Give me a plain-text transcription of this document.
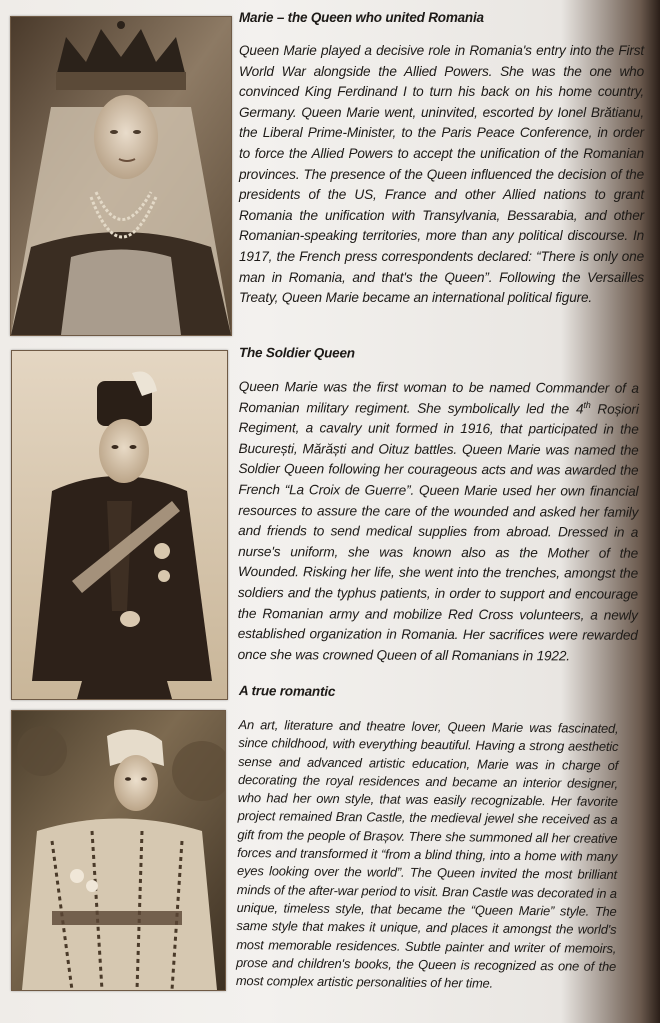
Marie – the Queen who united Romania

Queen Marie played a decisive role in Romania's entry into the First World War alongside the Allied Powers. She was the one who convinced King Ferdinand I to turn his back on his home country, Germany. Queen Marie went, uninvited, escorted by Ionel Brătianu, the Liberal Prime-Minister, to the Paris Peace Conference, in order to force the Allied Powers to accept the unification of the Romanian provinces. The presence of the Queen influenced the decision of the presidents of the US, France and other Allied nations to grant Romania the unification with Transylvania, Bessarabia, and other Romanian-speaking territories, more than any political discourse. In 1917, the French press correspondents declared: “There is only one man in Romania, and that's the Queen”. Following the Versailles Treaty, Queen Marie became an international political figure.

The Soldier Queen

Queen Marie was the first woman to be named Commander of a Romanian military regiment. She symbolically led the 4th Roșiori Regiment, a cavalry unit formed in 1916, that participated in the București, Mărăști and Oituz battles. Queen Marie was named the Soldier Queen following her courageous acts and was awarded the French “La Croix de Guerre”. Queen Marie used her own financial resources to assure the care of the wounded and asked her family and friends to send medical supplies from abroad. Dressed in a nurse's uniform, she was known also as the Mother of the Wounded. Risking her life, she went into the trenches, amongst the soldiers and the typhus patients, in order to support and encourage the Romanian army and mobilize Red Cross volunteers, a newly established organization in Romania. Her sacrifices were rewarded once she was crowned Queen of all Romanians in 1922.

A true romantic

An art, literature and theatre lover, Queen Marie was fascinated, since childhood, with everything beautiful. Having a strong aesthetic sense and advanced artistic education, Marie was in charge of decorating the royal residences and became an interior designer, who had her own style, that was easily recognizable. Her favorite project remained Bran Castle, the medieval jewel she received as a gift from the people of Brașov. There she summoned all her creative forces and transformed it “from a blind thing, into a home with many eyes looking over the world”. The Queen invited the most brilliant minds of the after-war period to visit. Bran Castle was decorated in a unique, timeless style, that became the “Queen Marie” style. The same style that makes it unique, and places it amongst the world's most memorable residences. Subtle painter and writer of memoirs, prose and children's books, the Queen is recognized as one of the most complex artistic personalities of her time.
